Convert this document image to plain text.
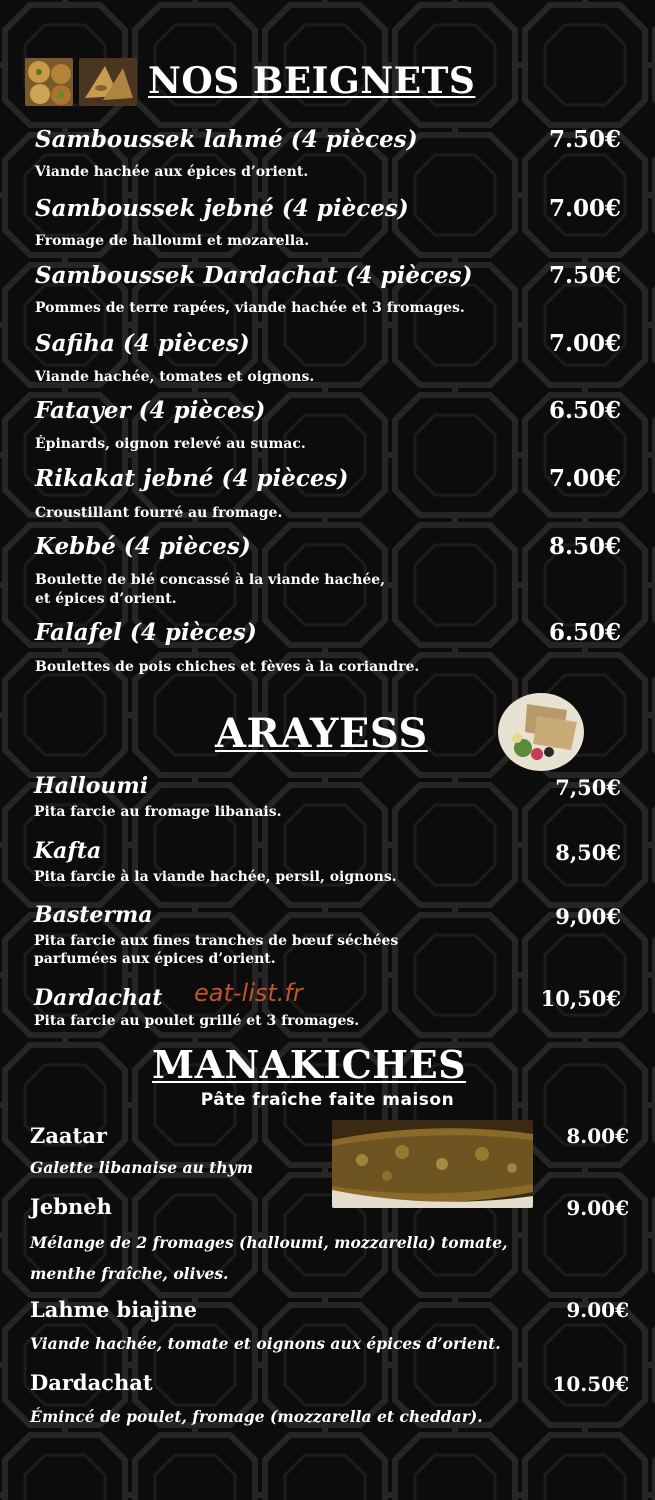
NOS BEIGNETS
Samboussek lahmé (4 pièces)	7.50€
Viande hachée aux épices d’orient.
Samboussek jebné (4 pièces)	7.00€
Fromage de halloumi et mozarella.
Samboussek Dardachat (4 pièces)	7.50€
Pommes de terre rapées, viande hachée et 3 fromages.
Safiha (4 pièces)	7.00€
Viande hachée, tomates et oignons.
Fatayer (4 pièces)	6.50€
Épinards, oignon relevé au sumac.
Rikakat jebné (4 pièces)	7.00€
Croustillant fourré au fromage.
Kebbé (4 pièces)	8.50€
Boulette de blé concassé à la viande hachée,
et épices d’orient.
Falafel (4 pièces)	6.50€
Boulettes de pois chiches et fèves à la coriandre.
ARAYESS
Halloumi	7,50€
Pita farcie au fromage libanais.
Kafta	8,50€
Pita farcie à la viande hachée, persil, oignons.
Basterma	9,00€
Pita farcie aux fines tranches de bœuf séchées
parfumées aux épices d’orient.
Dardachat	10,50€
Pita farcie au poulet grillé et 3 fromages.
eat-list.fr
MANAKICHES
Pâte fraîche faite maison
Zaatar	8.00€
Galette libanaise au thym
Jebneh	9.00€
Mélange de 2 fromages (halloumi, mozzarella) tomate,
menthe fraîche, olives.
Lahme biajine	9.00€
Viande hachée, tomate et oignons aux épices d’orient.
Dardachat	10.50€
Émincé de poulet, fromage (mozzarella et cheddar).
